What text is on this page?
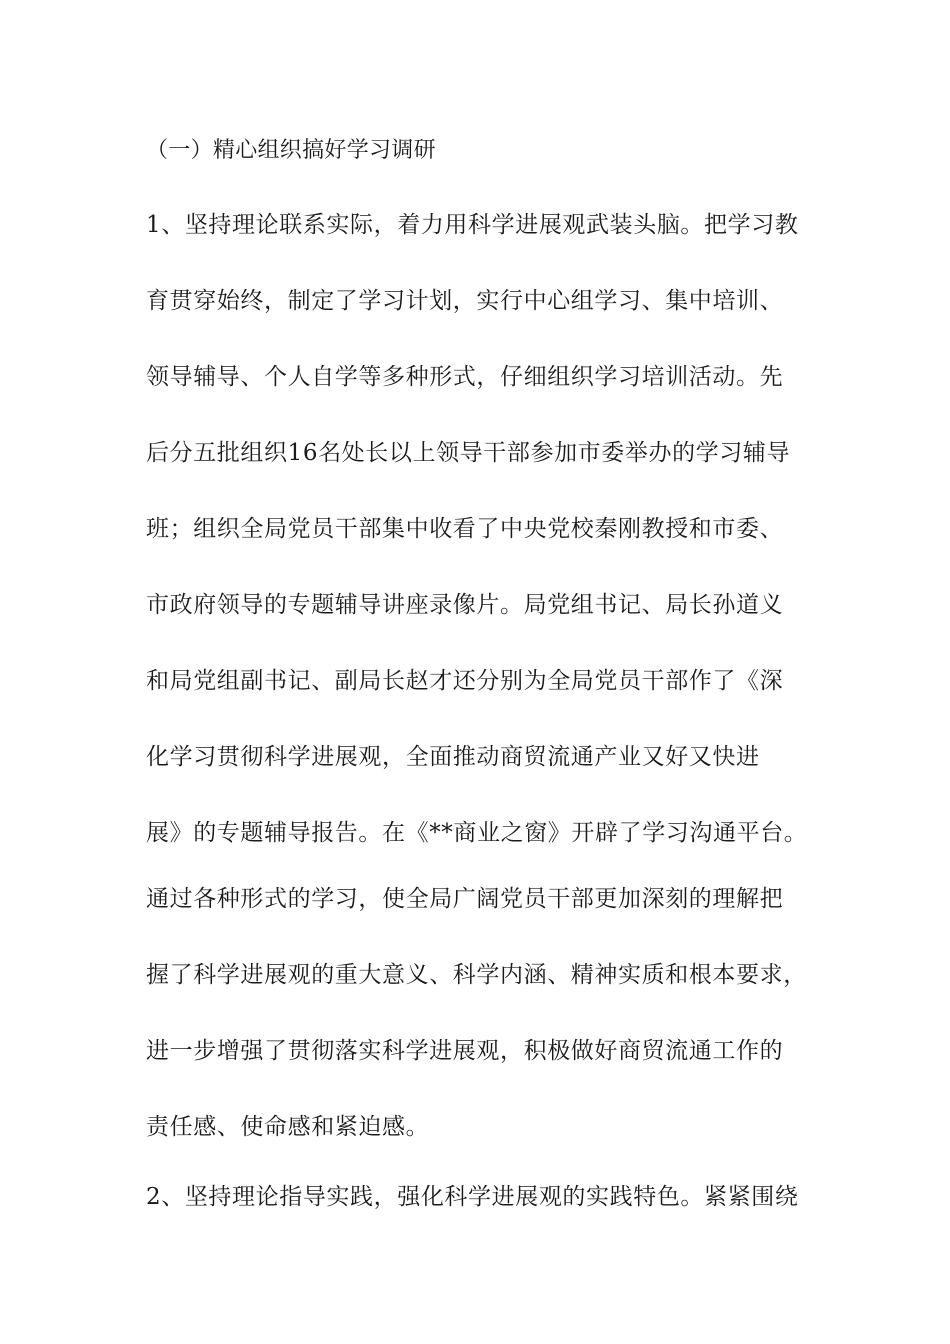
（一）精心组织搞好学习调研
1、坚持理论联系实际，着力用科学进展观武装头脑。把学习教
育贯穿始终，制定了学习计划，实行中心组学习、集中培训、
领导辅导、个人自学等多种形式，仔细组织学习培训活动。先
后分五批组织16名处长以上领导干部参加市委举办的学习辅导
班；组织全局党员干部集中收看了中央党校秦刚教授和市委、
市政府领导的专题辅导讲座录像片。局党组书记、局长孙道义
和局党组副书记、副局长赵才还分别为全局党员干部作了《深
化学习贯彻科学进展观，全面推动商贸流通产业又好又快进
展》的专题辅导报告。在《**商业之窗》开辟了学习沟通平台。
通过各种形式的学习，使全局广阔党员干部更加深刻的理解把
握了科学进展观的重大意义、科学内涵、精神实质和根本要求，
进一步增强了贯彻落实科学进展观，积极做好商贸流通工作的
责任感、使命感和紧迫感。
2、坚持理论指导实践，强化科学进展观的实践特色。紧紧围绕
